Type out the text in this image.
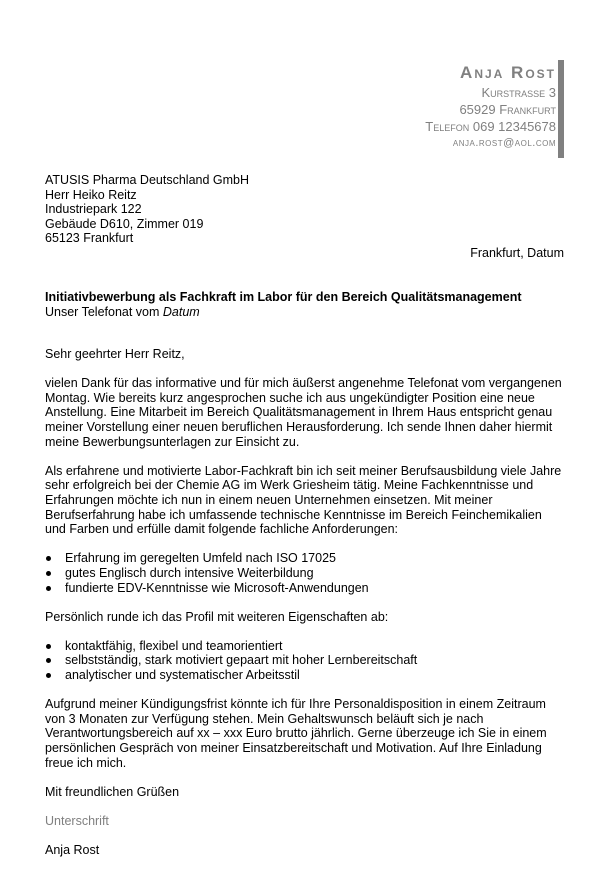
Anja Rost
Kurstraße 3
65929 Frankfurt
Telefon 069 12345678
anja.rost@aol.com
ATUSIS Pharma Deutschland GmbH
Herr Heiko Reitz
Industriepark 122
Gebäude D610, Zimmer 019
65123 Frankfurt
Frankfurt, Datum
Initiativbewerbung als Fachkraft im Labor für den Bereich Qualitätsmanagement
Unser Telefonat vom Datum

Sehr geehrter Herr Reitz,

vielen Dank für das informative und für mich äußerst angenehme Telefonat vom vergangenen Montag. Wie bereits kurz angesprochen suche ich aus ungekündigter Position eine neue Anstellung. Eine Mitarbeit im Bereich Qualitätsmanagement in Ihrem Haus entspricht genau meiner Vorstellung einer neuen beruflichen Herausforderung. Ich sende Ihnen daher hiermit meine Bewerbungsunterlagen zur Einsicht zu.

Als erfahrene und motivierte Labor-Fachkraft bin ich seit meiner Berufsausbildung viele Jahre sehr erfolgreich bei der Chemie AG im Werk Griesheim tätig. Meine Fachkenntnisse und Erfahrungen möchte ich nun in einem neuen Unternehmen einsetzen. Mit meiner Berufserfahrung habe ich umfassende technische Kenntnisse im Bereich Feinchemikalien und Farben und erfülle damit folgende fachliche Anforderungen:

Erfahrung im geregelten Umfeld nach ISO 17025
gutes Englisch durch intensive Weiterbildung
fundierte EDV-Kenntnisse wie Microsoft-Anwendungen

Persönlich runde ich das Profil mit weiteren Eigenschaften ab:

kontaktfähig, flexibel und teamorientiert
selbstständig, stark motiviert gepaart mit hoher Lernbereitschaft
analytischer und systematischer Arbeitsstil

Aufgrund meiner Kündigungsfrist könnte ich für Ihre Personaldisposition in einem Zeitraum von 3 Monaten zur Verfügung stehen. Mein Gehaltswunsch beläuft sich je nach Verantwortungsbereich auf xx – xxx Euro brutto jährlich. Gerne überzeuge ich Sie in einem persönlichen Gespräch von meiner Einsatzbereitschaft und Motivation. Auf Ihre Einladung freue ich mich.

Mit freundlichen Grüßen

Unterschrift

Anja Rost
